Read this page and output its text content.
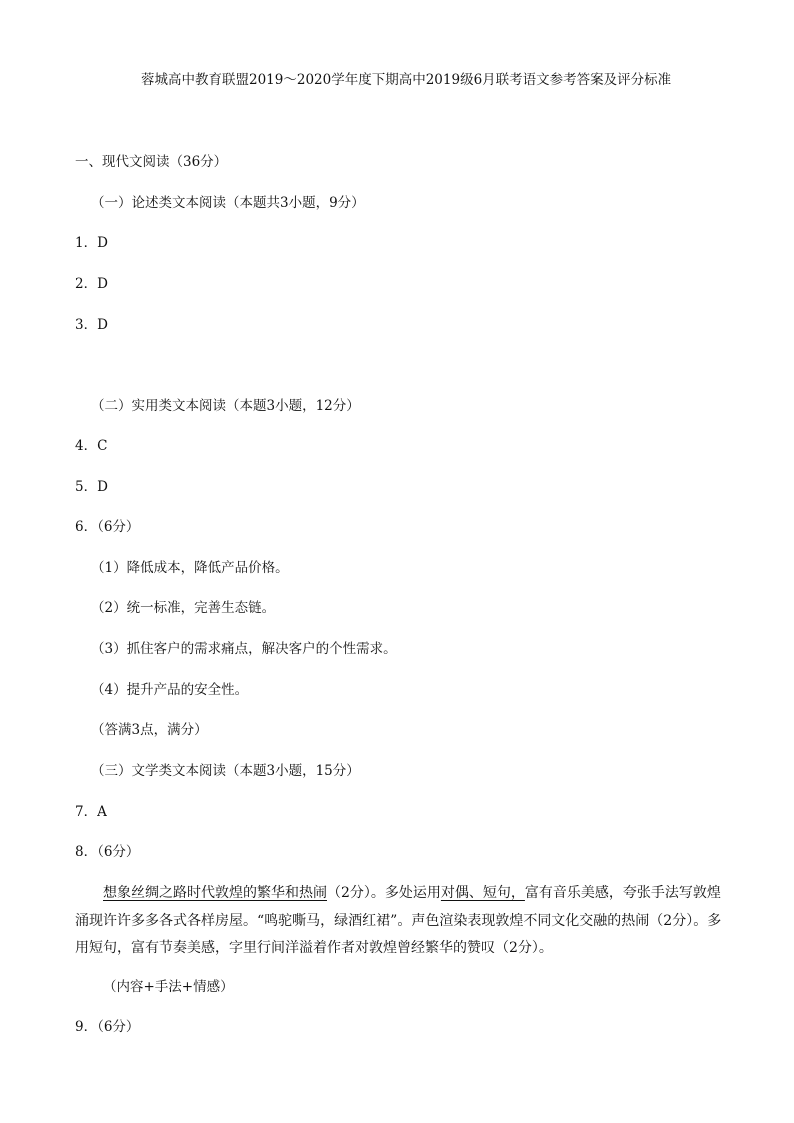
蓉城高中教育联盟2019～2020学年度下期高中2019级6月联考语文参考答案及评分标准
一、现代文阅读（36分）
（一）论述类文本阅读（本题共3小题，9分）
1．D
2．D
3．D
（二）实用类文本阅读（本题3小题，12分）
4．C
5．D
6．（6分）
（1）降低成本，降低产品价格。
（2）统一标准，完善生态链。
（3）抓住客户的需求痛点，解决客户的个性需求。
（4）提升产品的安全性。
（答满3点，满分）
（三）文学类文本阅读（本题3小题，15分）
7．A
8．（6分）
想象丝绸之路时代敦煌的繁华和热闹（2分）。多处运用对偶、短句，富有音乐美感，夸张手法写敦煌涌现许许多多各式各样房屋。“鸣驼嘶马，绿酒红裙”。声色渲染表现敦煌不同文化交融的热闹（2分）。多用短句，富有节奏美感，字里行间洋溢着作者对敦煌曾经繁华的赞叹（2分）。
（内容+手法+情感）
9．（6分）
